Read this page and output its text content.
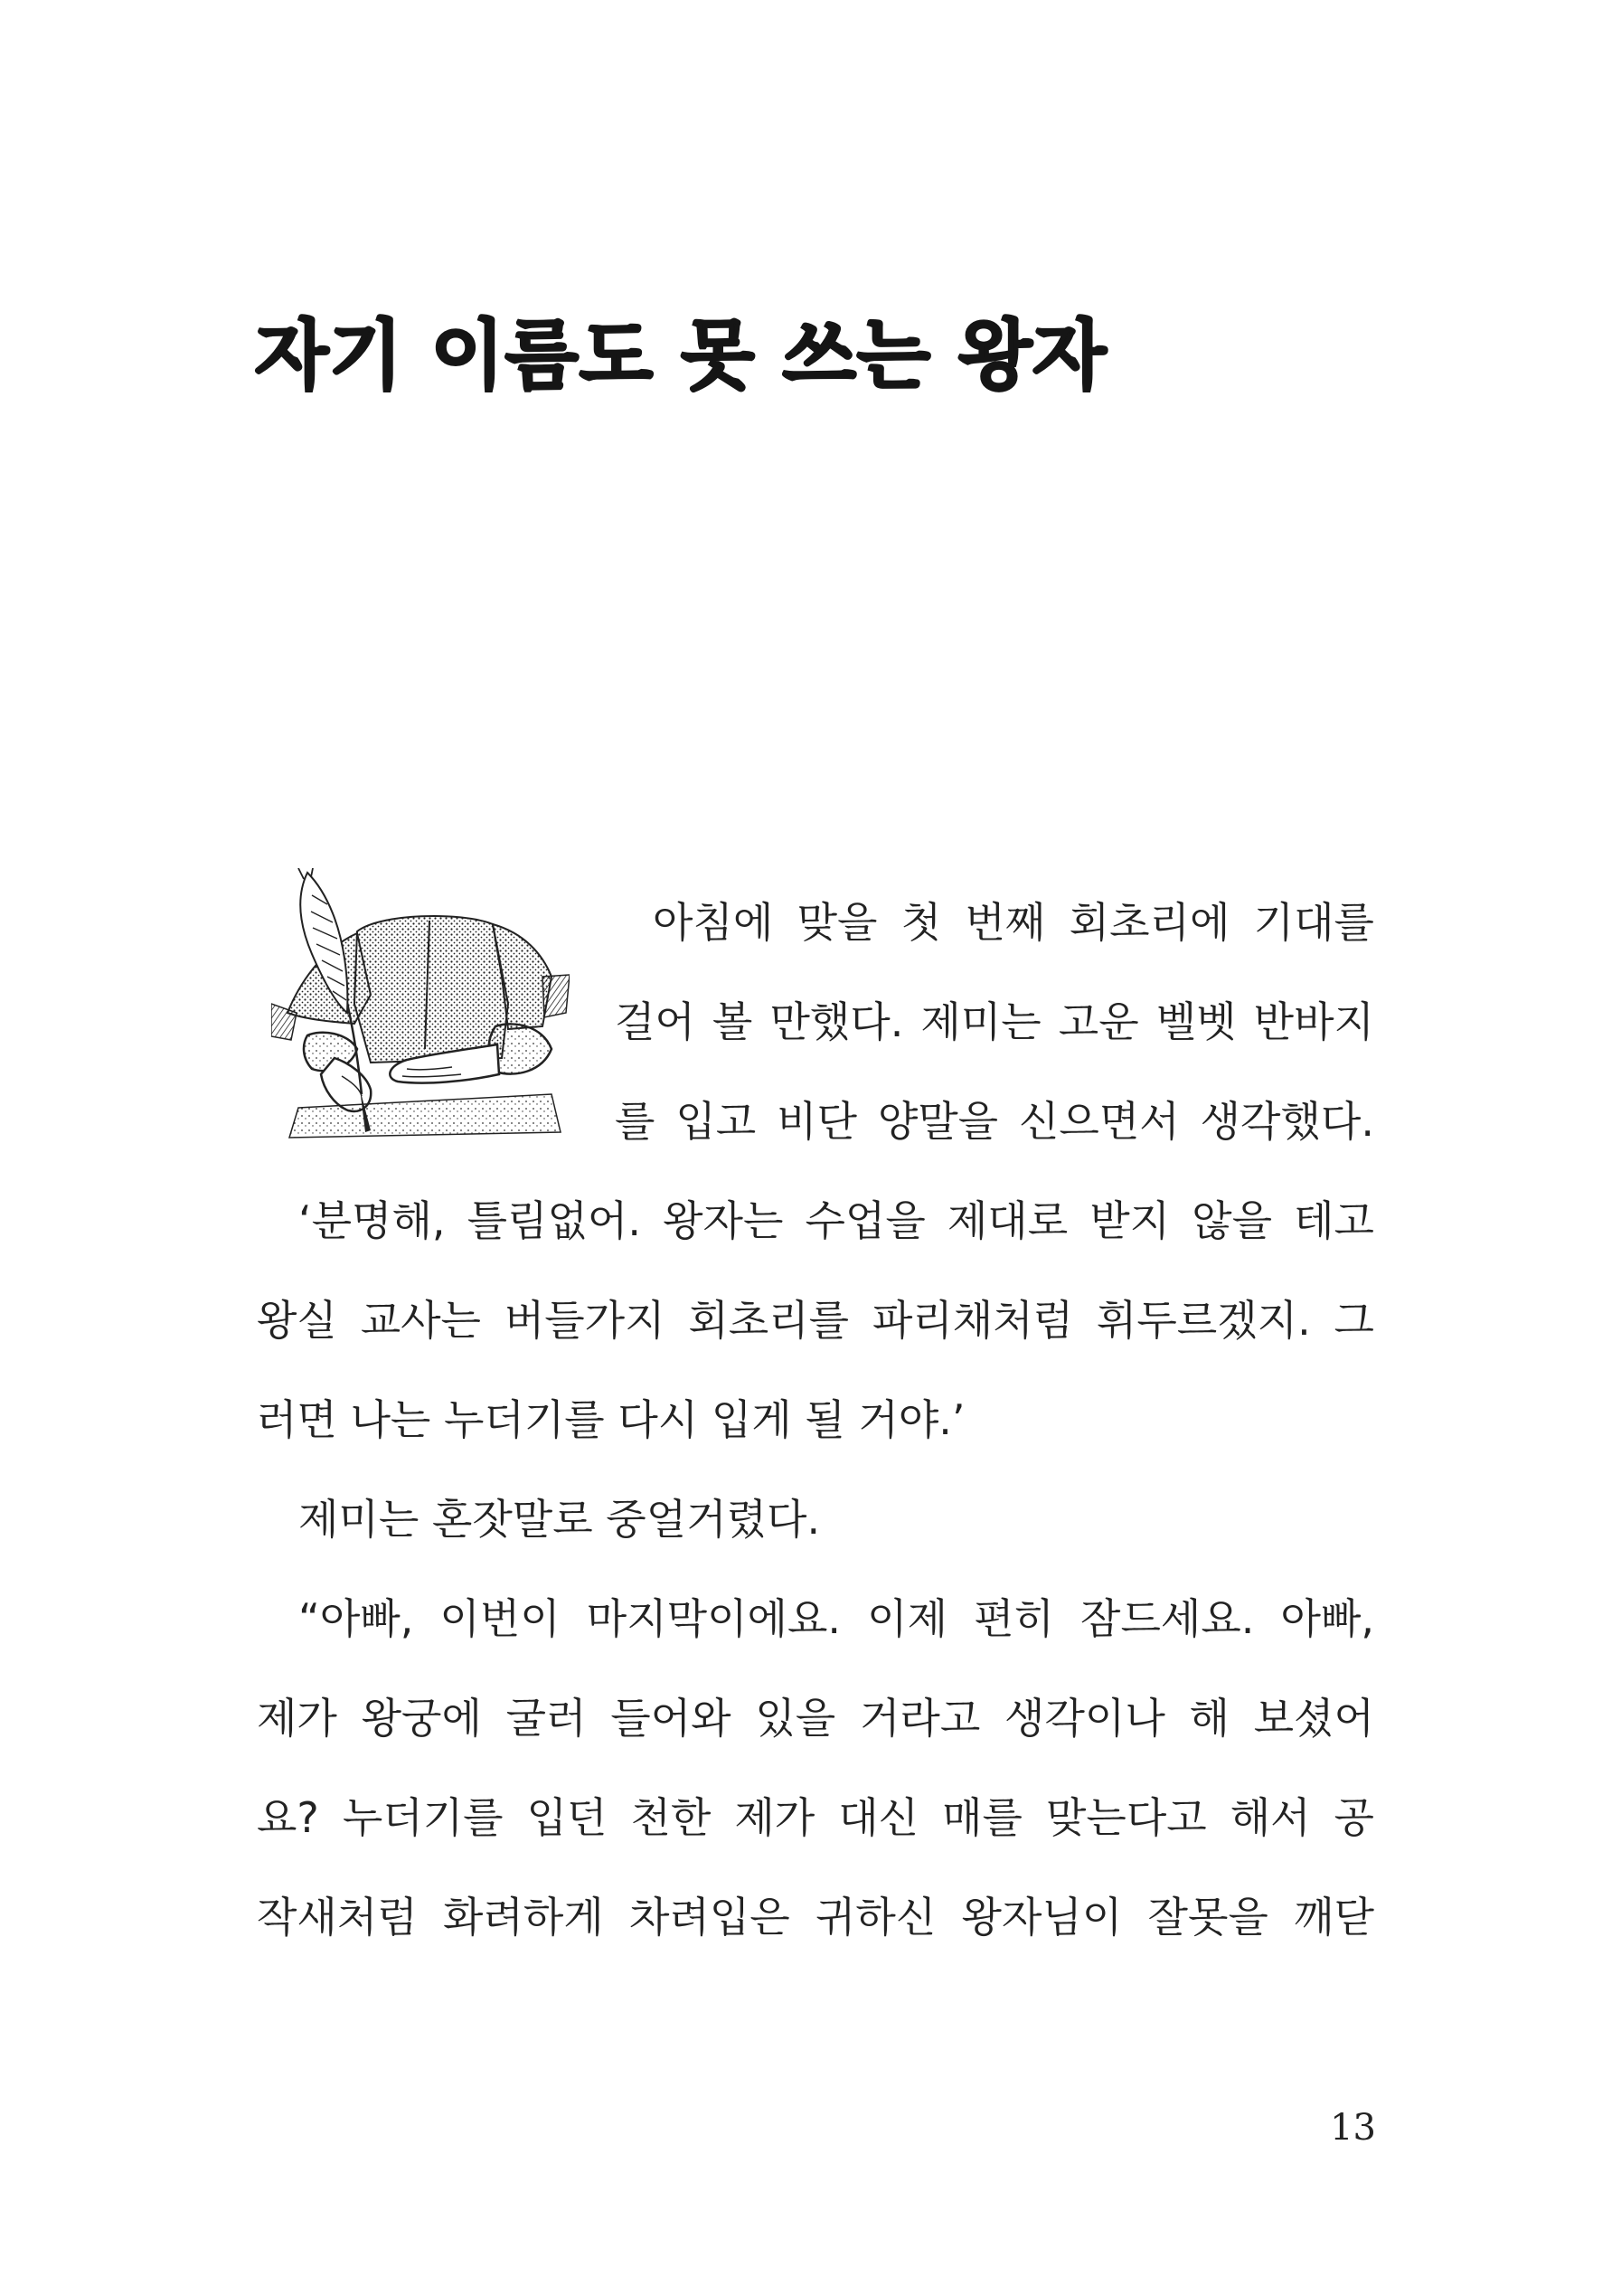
자기 이름도 못 쓰는 왕자

아침에 맞을 첫 번째 회초리에 기대를

걸어 볼 만했다. 제미는 고운 벨벳 반바지

를 입고 비단 양말을 신으면서 생각했다.

‘분명해, 틀림없어. 왕자는 수업을 제대로 받지 않을 테고

왕실 교사는 버들가지 회초리를 파리채처럼 휘두르겠지. 그

러면 나는 누더기를 다시 입게 될 거야.’

제미는 혼잣말로 중얼거렸다.

“아빠, 이번이 마지막이에요. 이제 편히 잠드세요. 아빠,

제가 왕궁에 굴러 들어와 있을 거라고 생각이나 해 보셨어

요? 누더기를 입던 천한 제가 대신 매를 맞는다고 해서 공

작새처럼 화려하게 차려입은 귀하신 왕자님이 잘못을 깨닫

13
